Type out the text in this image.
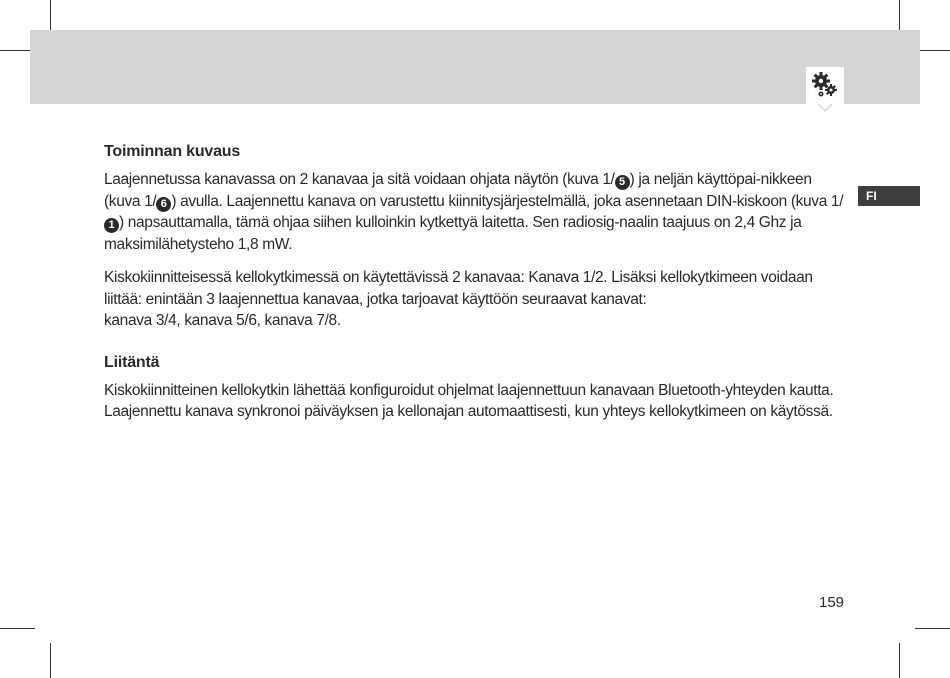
FI
Toiminnan kuvaus

Laajennetussa kanavassa on 2 kanavaa ja sitä voidaan ohjata näytön (kuva 1/ 5 ) ja neljän käyttöpai-nikkeen (kuva 1/ 6 ) avulla. Laajennettu kanava on varustettu kiinnitysjärjestelmällä, joka asennetaan DIN-kiskoon (kuva 1/1 ) napsauttamalla, tämä ohjaa siihen kulloinkin kytkettyä laitetta. Sen radiosig-naalin taajuus on 2,4 Ghz ja maksimilähetysteho 1,8 mW.

Kiskokiinnitteisessä kellokytkimessä on käytettävissä 2 kanavaa: Kanava 1/2. Lisäksi kellokytkimeen voidaan liittää: enintään 3 laajennettua kanavaa, jotka tarjoavat käyttöön seuraavat kanavat:
kanava 3/4, kanava 5/6, kanava 7/8.

Liitäntä

Kiskokiinnitteinen kellokytkin lähettää konfiguroidut ohjelmat laajennettuun kanavaan Bluetooth-yhteyden kautta. Laajennettu kanava synkronoi päiväyksen ja kellonajan automaattisesti, kun yhteys kellokytkimeen on käytössä.

159
